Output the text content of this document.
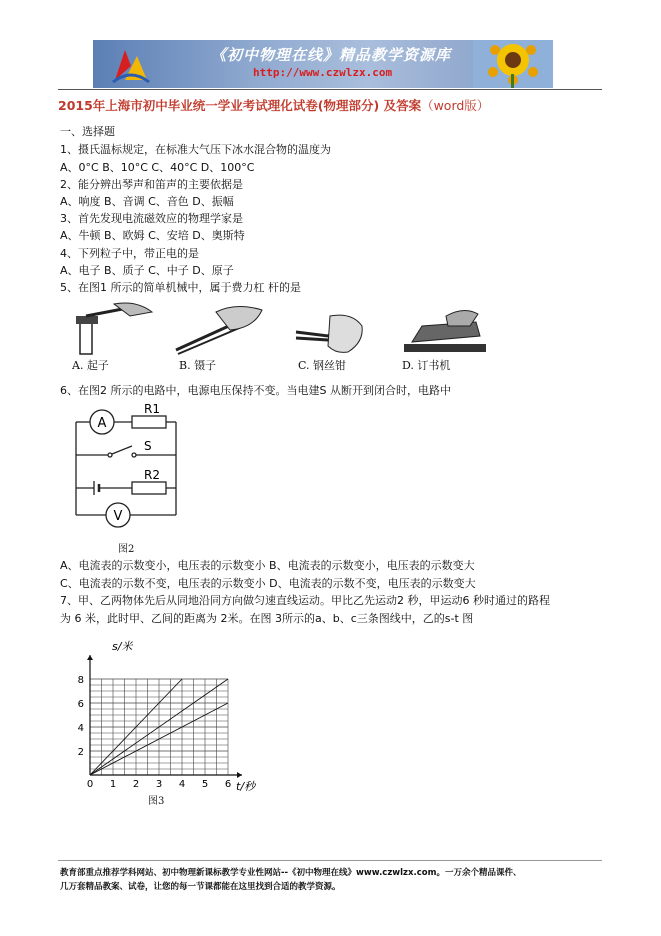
《初中物理在线》精品教学资源库
http://www.czwlzx.com
2015年上海市初中毕业统一学业考试理化试卷(物理部分) 及答案（word版）
一、选择题
1、摄氏温标规定，在标准大气压下冰水混合物的温度为
A、0°C B、10°C C、40°C D、100°C
2、能分辨出琴声和笛声的主要依据是
A、响度 B、音调 C、音色 D、振幅
3、首先发现电流磁效应的物理学家是
A、牛顿 B、欧姆 C、安培 D、奥斯特
4、下列粒子中，带正电的是
A、电子 B、质子 C、中子 D、原子
5、在图1 所示的简单机械中，属于费力杠 杆的是
A. 起子	B. 镊子	C. 钢丝钳	D. 订书机
6、在图2 所示的电路中，电源电压保持不变。当电建S 从断开到闭合时，电路中
A
V
R1
R2
S
图2
A、电流表的示数变小，电压表的示数变小 B、电流表的示数变小，电压表的示数变大
C、电流表的示数不变，电压表的示数变小 D、电流表的示数不变，电压表的示数变大
7、甲、乙两物体先后从同地沿同方向做匀速直线运动。甲比乙先运动2 秒，甲运动6 秒时通过的路程
为 6 米，此时甲、乙间的距离为 2米。在图 3所示的a、b、c三条图线中，乙的s-t 图
0 1 2 3 4 5 6
8
6
4
2
s/米
t/秒
图3
教育部重点推荐学科网站、初中物理新课标教学专业性网站--《初中物理在线》www.czwlzx.com。一万余个精品课件、
几万套精品教案、试卷，让您的每一节课都能在这里找到合适的教学资源。
